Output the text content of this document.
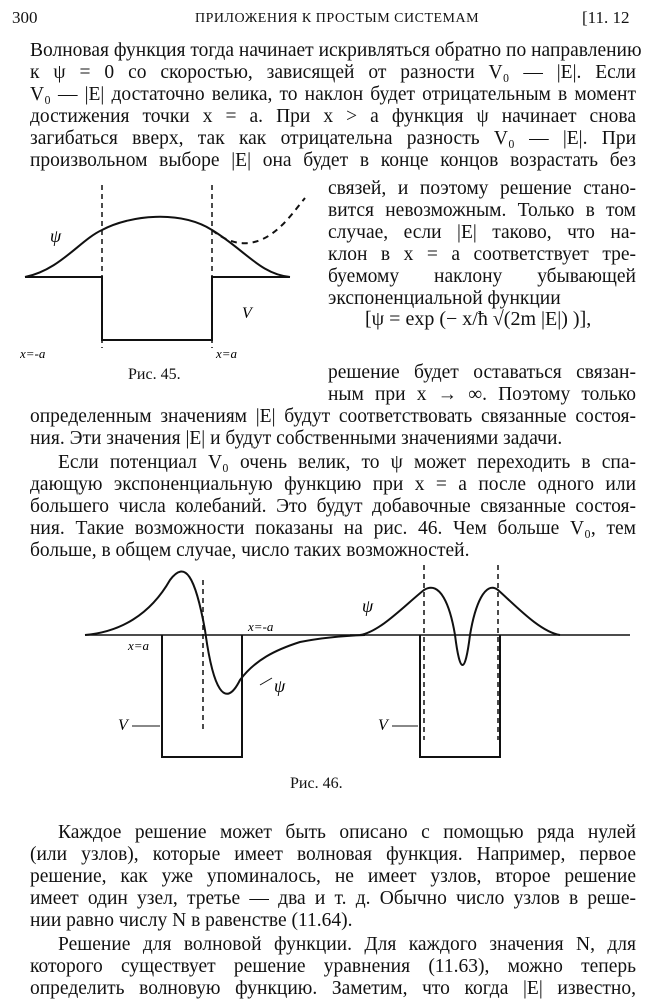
300	ПРИЛОЖЕНИЯ К ПРОСТЫМ СИСТЕМАМ	[11. 12
Волновая функция тогда начинает искривляться обратно по направлению
к ψ = 0 со скоростью, зависящей от разности V₀ — |E|. Если
V₀ — |E| достаточно велика, то наклон будет отрицательным в момент
достижения точки x = a. При x > a функция ψ начинает снова
загибаться вверх, так как отрицательна разность V₀ — |E|. При
произвольном выборе |E| она будет в конце концов возрастать без
связей, и поэтому решение стано-
вится невозможным. Только в том
случае, если |E| таково, что на-
клон в x = a соответствует тре-
буемому наклону убывающей
экспоненциальной функции
[ψ = exp (− x/ħ √(2m |E|) )],
решение будет оставаться связан-
ным при x → ∞. Поэтому только
ψ
V
x=-a	x=a
Рис. 45.
определенным значениям |E| будут соответствовать связанные состоя-
ния. Эти значения |E| и будут собственными значениями задачи.
Если потенциал V₀ очень велик, то ψ может переходить в спа-
дающую экспоненциальную функцию при x = a после одного или
большего числа колебаний. Это будут добавочные связанные состоя-
ния. Такие возможности показаны на рис. 46. Чем больше V₀, тем
больше, в общем случае, число таких возможностей.
x=a
x=-a
ψ
V
ψ
V
Рис. 46.
Каждое решение может быть описано с помощью ряда нулей
(или узлов), которые имеет волновая функция. Например, первое
решение, как уже упоминалось, не имеет узлов, второе решение
имеет один узел, третье — два и т. д. Обычно число узлов в реше-
нии равно числу N в равенстве (11.64).
Решение для волновой функции. Для каждого значения N, для
которого существует решение уравнения (11.63), можно теперь
определить волновую функцию. Заметим, что когда |E| известно,
